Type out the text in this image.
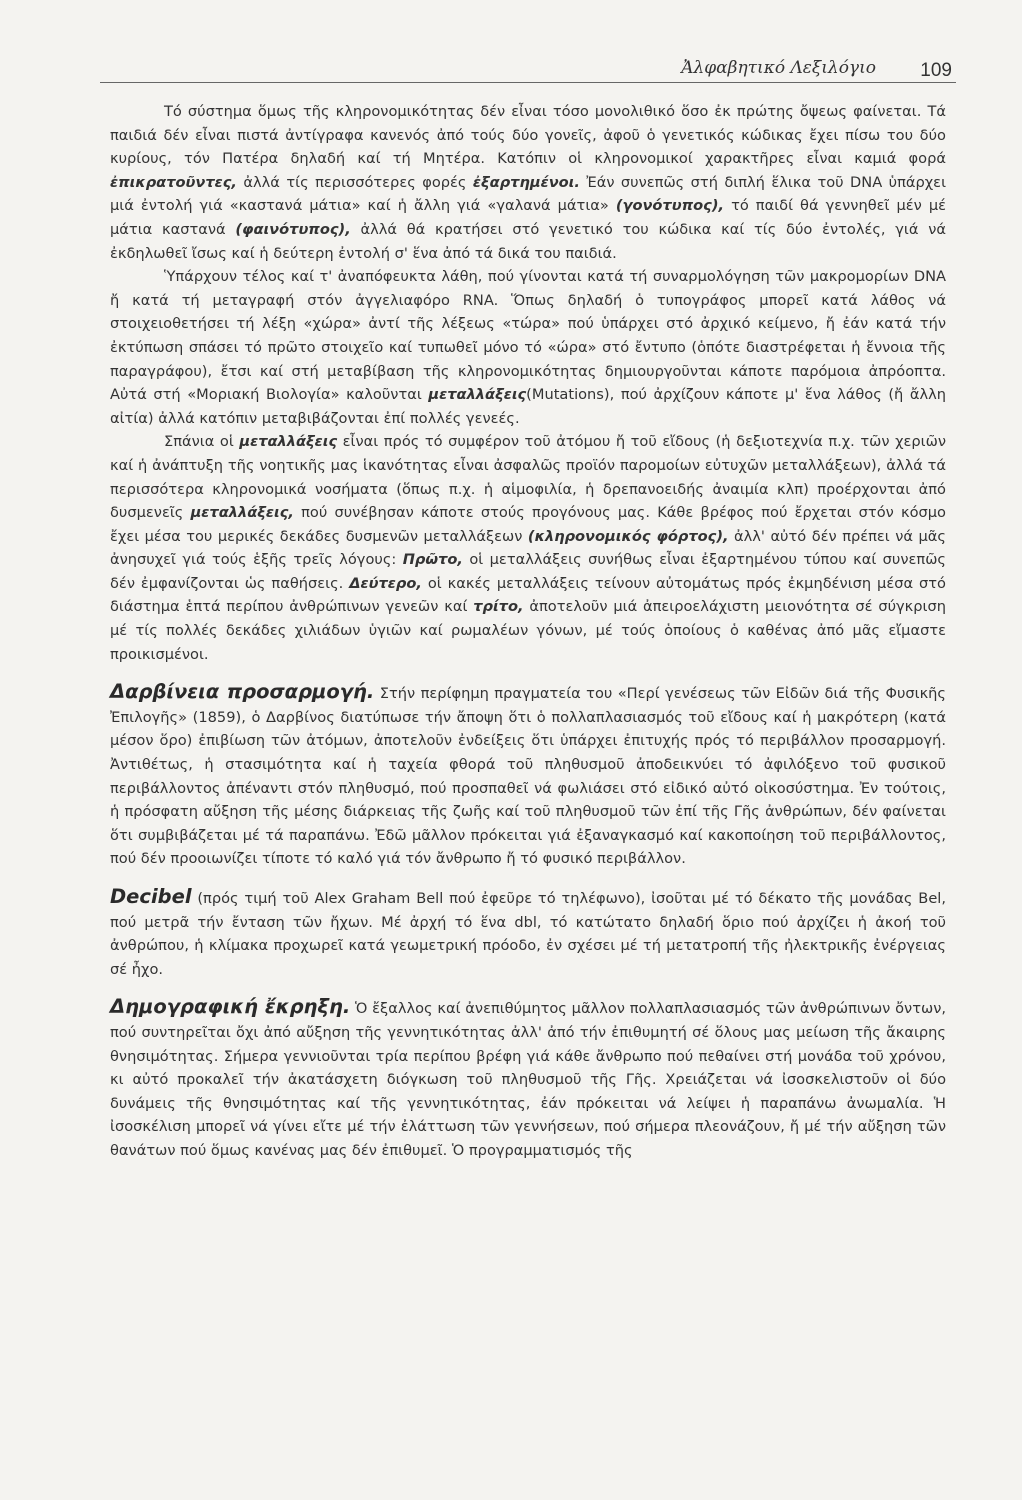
Ἀλφαβητικό Λεξιλόγιο 109

Τό σύστημα ὅμως τῆς κληρονομικότητας δέν εἶναι τόσο μονολιθικό ὅσο ἐκ πρώτης ὄψεως φαίνεται. Τά παιδιά δέν εἶναι πιστά ἀντίγραφα κανενός ἀπό τούς δύο γονεῖς, ἀφοῦ ὁ γενετικός κώδικας ἔχει πίσω του δύο κυρίους, τόν Πατέρα δηλαδή καί τή Μητέρα. Κατόπιν οἱ κληρονομικοί χαρακτῆρες εἶναι καμιά φορά ἐπικρατοῦντες, ἀλλά τίς περισσότερες φορές ἐξαρτημένοι. Ἐάν συνεπῶς στή διπλή ἕλικα τοῦ DNA ὑπάρχει μιά ἐντολή γιά «καστανά μάτια» καί ἡ ἄλλη γιά «γαλανά μάτια» (γονότυπος), τό παιδί θά γεννηθεῖ μέν μέ μάτια καστανά (φαινότυπος), ἀλλά θά κρατήσει στό γενετικό του κώδικα καί τίς δύο ἐντολές, γιά νά ἐκδηλωθεῖ ἴσως καί ἡ δεύτερη ἐντολή σ' ἕνα ἀπό τά δικά του παιδιά.

Ὑπάρχουν τέλος καί τ' ἀναπόφευκτα λάθη, πού γίνονται κατά τή συναρμολόγηση τῶν μακρομορίων DNA ἤ κατά τή μεταγραφή στόν ἀγγελιαφόρο RNA. Ὅπως δηλαδή ὁ τυπογράφος μπορεῖ κατά λάθος νά στοιχειοθετήσει τή λέξη «χώρα» ἀντί τῆς λέξεως «τώρα» πού ὑπάρχει στό ἀρχικό κείμενο, ἤ ἐάν κατά τήν ἐκτύπωση σπάσει τό πρῶτο στοιχεῖο καί τυπωθεῖ μόνο τό «ώρα» στό ἔντυπο (ὁπότε διαστρέφεται ἡ ἔννοια τῆς παραγράφου), ἔτσι καί στή μεταβίβαση τῆς κληρονομικότητας δημιουργοῦνται κάποτε παρόμοια ἀπρόοπτα. Αὐτά στή «Μοριακή Βιολογία» καλοῦνται μεταλλάξεις(Mutations), πού ἀρχίζουν κάποτε μ' ἕνα λάθος (ἤ ἄλλη αἰτία) ἀλλά κατόπιν μεταβιβάζονται ἐπί πολλές γενεές.

Σπάνια οἱ μεταλλάξεις εἶναι πρός τό συμφέρον τοῦ ἀτόμου ἤ τοῦ εἴδους (ἡ δεξιοτεχνία π.χ. τῶν χεριῶν καί ἡ ἀνάπτυξη τῆς νοητικῆς μας ἱκανότητας εἶναι ἀσφαλῶς προϊόν παρομοίων εὐτυχῶν μεταλλάξεων), ἀλλά τά περισσότερα κληρονομικά νοσήματα (ὅπως π.χ. ἡ αἱμοφιλία, ἡ δρεπανοειδής ἀναιμία κλπ) προέρχονται ἀπό δυσμενεῖς μεταλλάξεις, πού συνέβησαν κάποτε στούς προγόνους μας. Κάθε βρέφος πού ἔρχεται στόν κόσμο ἔχει μέσα του μερικές δεκάδες δυσμενῶν μεταλλάξεων (κληρονομικός φόρτος), ἀλλ' αὐτό δέν πρέπει νά μᾶς ἀνησυχεῖ γιά τούς ἑξῆς τρεῖς λόγους: Πρῶτο, οἱ μεταλλάξεις συνήθως εἶναι ἐξαρτημένου τύπου καί συνεπῶς δέν ἐμφανίζονται ὡς παθήσεις. Δεύτερο, οἱ κακές μεταλλάξεις τείνουν αὐτομάτως πρός ἐκμηδένιση μέσα στό διάστημα ἑπτά περίπου ἀνθρώπινων γενεῶν καί τρίτο, ἀποτελοῦν μιά ἀπειροελάχιστη μειονότητα σέ σύγκριση μέ τίς πολλές δεκάδες χιλιάδων ὑγιῶν καί ρωμαλέων γόνων, μέ τούς ὁποίους ὁ καθένας ἀπό μᾶς εἴμαστε προικισμένοι.

Δαρβίνεια προσαρμογή. Στήν περίφημη πραγματεία του «Περί γενέσεως τῶν Εἰδῶν διά τῆς Φυσικῆς Ἐπιλογῆς» (1859), ὁ Δαρβίνος διατύπωσε τήν ἄποψη ὅτι ὁ πολλαπλασιασμός τοῦ εἴδους καί ἡ μακρότερη (κατά μέσον ὅρο) ἐπιβίωση τῶν ἀτόμων, ἀποτελοῦν ἐνδείξεις ὅτι ὑπάρχει ἐπιτυχής πρός τό περιβάλλον προσαρμογή. Ἀντιθέτως, ἡ στασιμότητα καί ἡ ταχεία φθορά τοῦ πληθυσμοῦ ἀποδεικνύει τό ἀφιλόξενο τοῦ φυσικοῦ περιβάλλοντος ἀπέναντι στόν πληθυσμό, πού προσπαθεῖ νά φωλιάσει στό εἰδικό αὐτό οἰκοσύστημα. Ἐν τούτοις, ἡ πρόσφατη αὔξηση τῆς μέσης διάρκειας τῆς ζωῆς καί τοῦ πληθυσμοῦ τῶν ἐπί τῆς Γῆς ἀνθρώπων, δέν φαίνεται ὅτι συμβιβάζεται μέ τά παραπάνω. Ἐδῶ μᾶλλον πρόκειται γιά ἐξαναγκασμό καί κακοποίηση τοῦ περιβάλλοντος, πού δέν προοιωνίζει τίποτε τό καλό γιά τόν ἄνθρωπο ἤ τό φυσικό περιβάλλον.

Decibel (πρός τιμή τοῦ Alex Graham Bell πού ἐφεῦρε τό τηλέφωνο), ἰσοῦται μέ τό δέκατο τῆς μονάδας Bel, πού μετρᾶ τήν ἔνταση τῶν ἤχων. Μέ ἀρχή τό ἕνα dbl, τό κατώτατο δηλαδή ὅριο πού ἀρχίζει ἡ ἀκοή τοῦ ἀνθρώπου, ἡ κλίμακα προχωρεῖ κατά γεωμετρική πρόοδο, ἐν σχέσει μέ τή μετατροπή τῆς ἠλεκτρικῆς ἐνέργειας σέ ἦχο.

Δημογραφική ἔκρηξη. Ὁ ἔξαλλος καί ἀνεπιθύμητος μᾶλλον πολλαπλασιασμός τῶν ἀνθρώπινων ὄντων, πού συντηρεῖται ὄχι ἀπό αὔξηση τῆς γεννητικότητας ἀλλ' ἀπό τήν ἐπιθυμητή σέ ὅλους μας μείωση τῆς ἄκαιρης θνησιμότητας. Σήμερα γεννιοῦνται τρία περίπου βρέφη γιά κάθε ἄνθρωπο πού πεθαίνει στή μονάδα τοῦ χρόνου, κι αὐτό προκαλεῖ τήν ἀκατάσχετη διόγκωση τοῦ πληθυσμοῦ τῆς Γῆς. Χρειάζεται νά ἰσοσκελιστοῦν οἱ δύο δυνάμεις τῆς θνησιμότητας καί τῆς γεννητικότητας, ἐάν πρόκειται νά λείψει ἡ παραπάνω ἀνωμαλία. Ἡ ἰσοσκέλιση μπορεῖ νά γίνει εἴτε μέ τήν ἐλάττωση τῶν γεννήσεων, πού σήμερα πλεονάζουν, ἤ μέ τήν αὔξηση τῶν θανάτων πού ὅμως κανένας μας δέν ἐπιθυμεῖ. Ὁ προγραμματισμός τῆς
